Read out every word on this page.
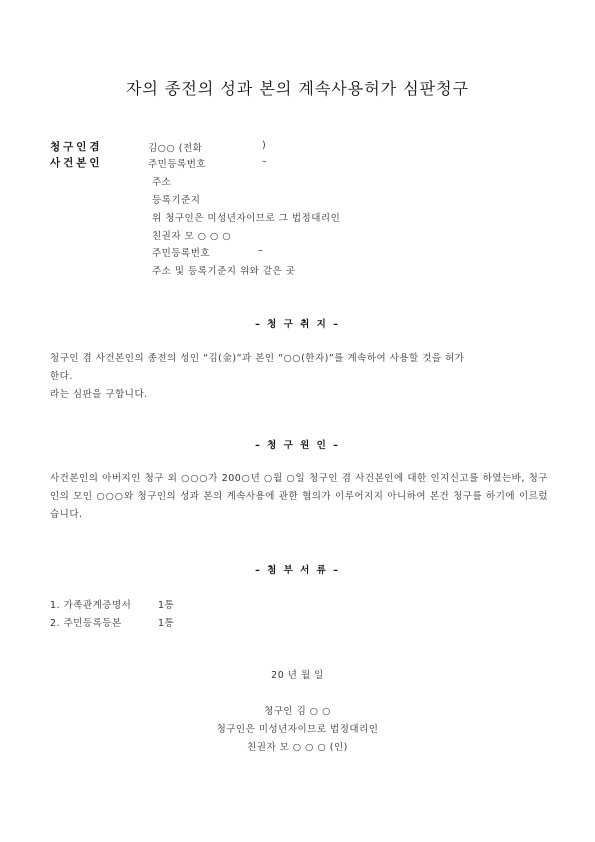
자의 종전의 성과 본의 계속사용허가 심판청구
청구인겸	김○○ (전화	)
사건본인	주민등록번호	–
주소
등록기준지
위 청구인은 미성년자이므로 그 법정대리인
친권자 모 ○ ○ ○
주민등록번호	–
주소 및 등록기준지 위와 같은 곳
– 청 구 취 지 –
청구인 겸 사건본인의 종전의 성인 “김(金)”과 본인 “○○(한자)”를 계속하여 사용할 것을 허가
한다.
라는 심판을 구합니다.
– 청 구 원 인 –
사건본인의 아버지인 청구 외 ○○○가 200○년 ○월 ○일 청구인 겸 사건본인에 대한 인지신고를 하였는바, 청구인의 모인 ○○○와 청구인의 성과 본의 계속사용에 관한 협의가 이루어지지 아니하여 본건 청구를 하기에 이르렀습니다.
– 첨 부 서 류 –
1. 가족관계증명서	1통
2. 주민등록등본	1통
20 년 월 일
청구인 김 ○ ○
청구인은 미성년자이므로 법정대리인
친권자 모 ○ ○ ○ (인)
